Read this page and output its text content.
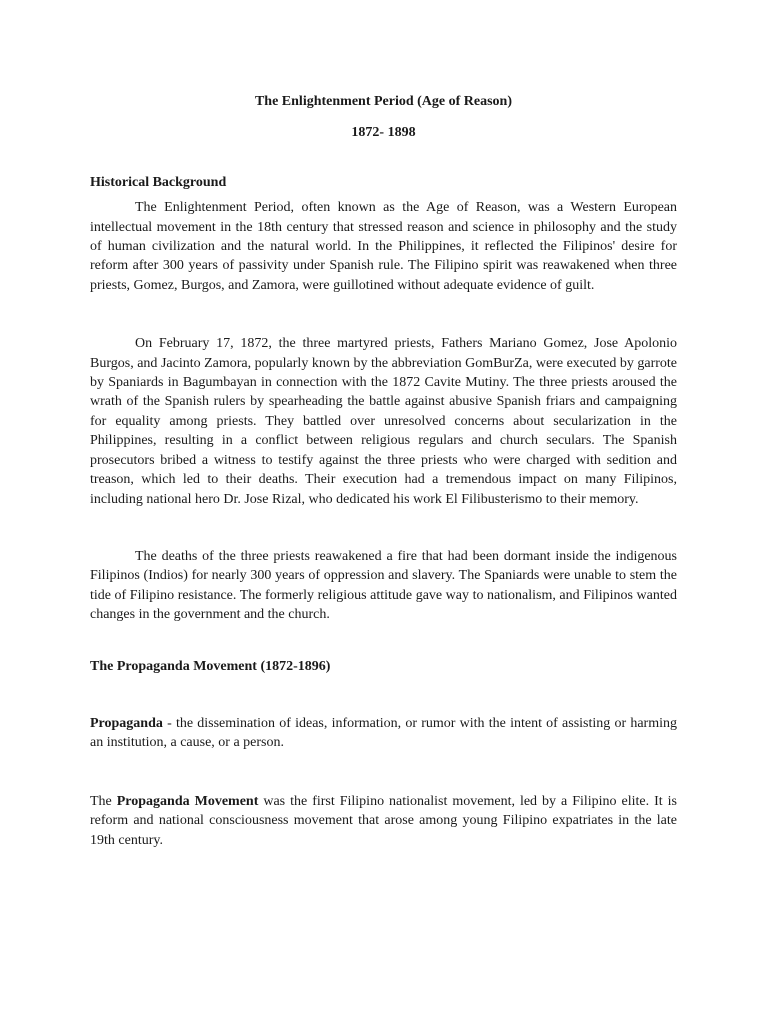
The Enlightenment Period (Age of Reason)

1872- 1898

Historical Background

The Enlightenment Period, often known as the Age of Reason, was a Western European intellectual movement in the 18th century that stressed reason and science in philosophy and the study of human civilization and the natural world. In the Philippines, it reflected the Filipinos' desire for reform after 300 years of passivity under Spanish rule. The Filipino spirit was reawakened when three priests, Gomez, Burgos, and Zamora, were guillotined without adequate evidence of guilt.

On February 17, 1872, the three martyred priests, Fathers Mariano Gomez, Jose Apolonio Burgos, and Jacinto Zamora, popularly known by the abbreviation GomBurZa, were executed by garrote by Spaniards in Bagumbayan in connection with the 1872 Cavite Mutiny. The three priests aroused the wrath of the Spanish rulers by spearheading the battle against abusive Spanish friars and campaigning for equality among priests. They battled over unresolved concerns about secularization in the Philippines, resulting in a conflict between religious regulars and church seculars. The Spanish prosecutors bribed a witness to testify against the three priests who were charged with sedition and treason, which led to their deaths. Their execution had a tremendous impact on many Filipinos, including national hero Dr. Jose Rizal, who dedicated his work El Filibusterismo to their memory.

The deaths of the three priests reawakened a fire that had been dormant inside the indigenous Filipinos (Indios) for nearly 300 years of oppression and slavery. The Spaniards were unable to stem the tide of Filipino resistance. The formerly religious attitude gave way to nationalism, and Filipinos wanted changes in the government and the church.

The Propaganda Movement (1872-1896)

Propaganda - the dissemination of ideas, information, or rumor with the intent of assisting or harming an institution, a cause, or a person.

The Propaganda Movement was the first Filipino nationalist movement, led by a Filipino elite. It is reform and national consciousness movement that arose among young Filipino expatriates in the late 19th century.
